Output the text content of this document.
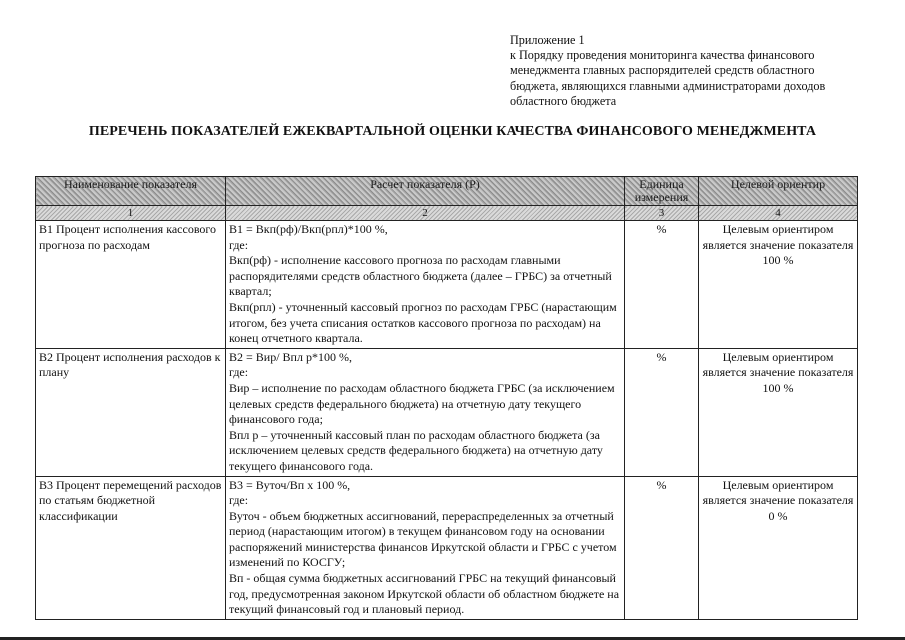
Приложение 1

к Порядку проведения мониторинга качества финансового

менеджмента главных распорядителей средств областного

бюджета, являющихся главными администраторами доходов

областного бюджета

ПЕРЕЧЕНЬ ПОКАЗАТЕЛЕЙ ЕЖЕКВАРТАЛЬНОЙ ОЦЕНКИ КАЧЕСТВА ФИНАНСОВОГО МЕНЕДЖМЕНТА
Наименование показателя	Расчет показателя (Р)	Единица измерения	Целевой ориентир
1	2	3	4
В1 Процент исполнения кассового прогноза по расходам	В1 = Вкп(рф)/Вкп(рпл)*100 %,
где:
Вкп(рф) - исполнение кассового прогноза по расходам главными распорядителями средств областного бюджета (далее – ГРБС) за отчетный квартал;
Вкп(рпл) - уточненный кассовый прогноз по расходам ГРБС (нарастающим итогом, без учета списания остатков кассового прогноза по расходам) на конец отчетного квартала.	%	Целевым ориентиром является значение показателя 100 %
В2 Процент исполнения расходов к плану	В2 = Вир/ Впл р*100 %,
где:
Вир – исполнение по расходам областного бюджета ГРБС (за исключением целевых средств федерального бюджета) на отчетную дату текущего финансового года;
Впл р – уточненный кассовый план по расходам областного бюджета (за исключением целевых средств федерального бюджета) на отчетную дату текущего финансового года.	%	Целевым ориентиром является значение показателя 100 %
В3 Процент перемещений расходов по статьям бюджетной классификации	В3 = Вуточ/Вп х 100 %,
где:
Вуточ - объем бюджетных ассигнований, перераспределенных за отчетный период (нарастающим итогом) в текущем финансовом году на основании распоряжений министерства финансов Иркутской области и ГРБС с учетом изменений по КОСГУ;
Вп - общая сумма бюджетных ассигнований ГРБС на текущий финансовый год, предусмотренная законом Иркутской области об областном бюджете на текущий финансовый год и плановый период.	%	Целевым ориентиром является значение показателя 0 %
